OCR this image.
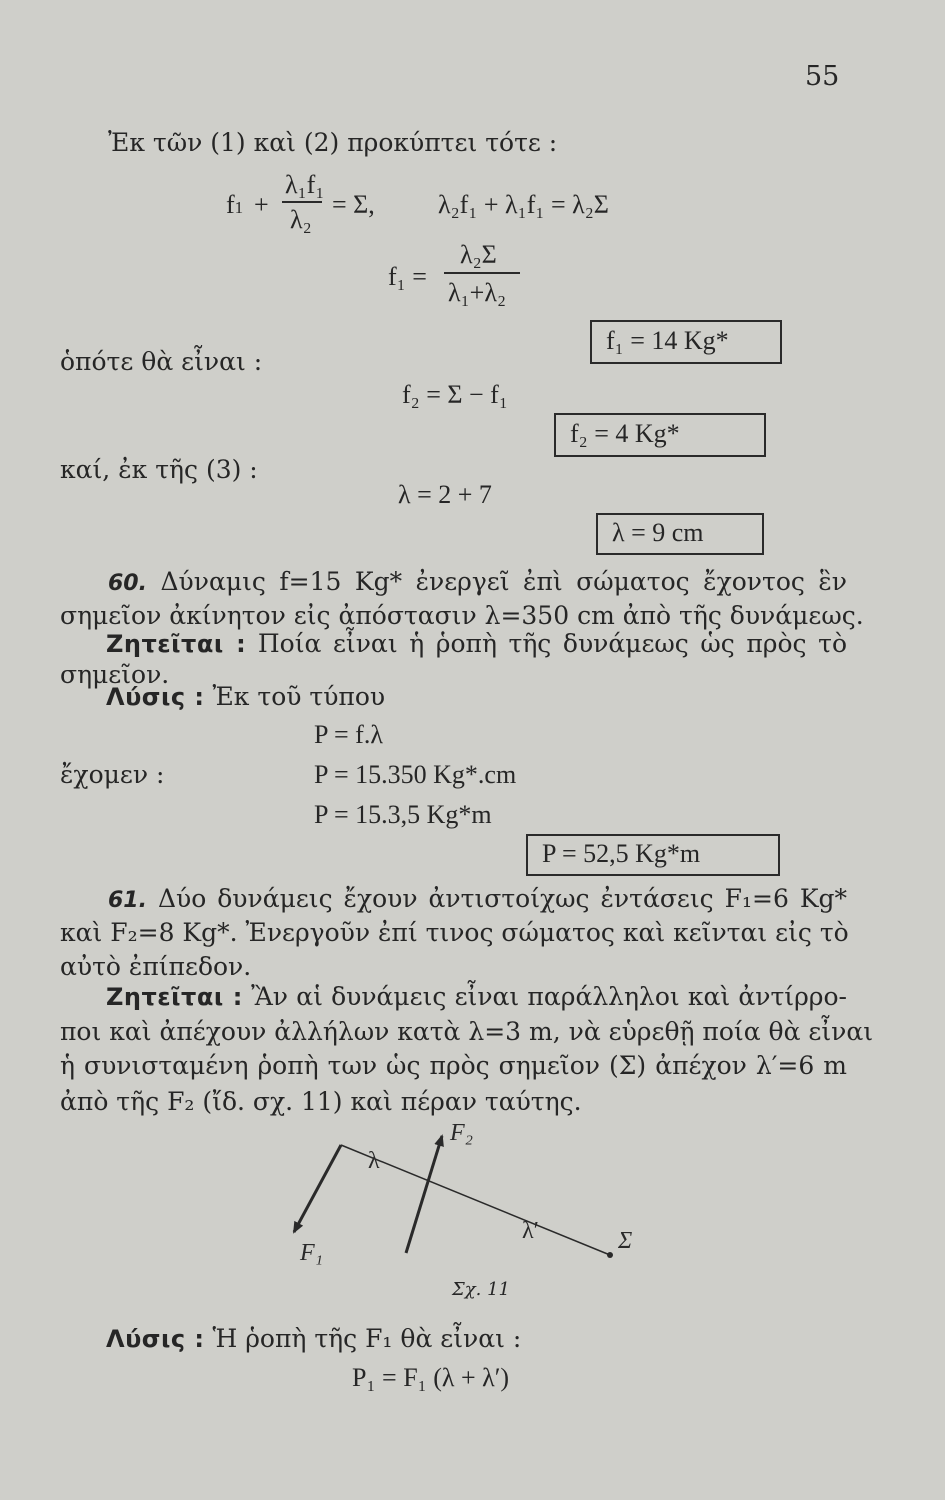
55
Ἐκ τῶν (1) καὶ (2) προκύπτει τότε :
f1 +
λ₁f₁
λ₂
= Σ, λ₂f₁ + λ₁f₁ = λ₂Σ
f₁ =
λ₂Σ
λ₁+λ₂
f₁ = 14 Kg*
ὁπότε θὰ εἶναι :
f₂ = Σ − f₁
f₂ = 4 Kg*
καί, ἐκ τῆς (3) :
λ = 2 + 7
λ = 9 cm
60. Δύναμις f=15 Kg* ἐνεργεῖ ἐπὶ σώματος ἔχοντος ἓν
σημεῖον ἀκίνητον εἰς ἀπόστασιν λ=350 cm ἀπὸ τῆς δυνάμεως.
Ζητεῖται : Ποία εἶναι ἡ ῥοπὴ τῆς δυνάμεως ὡς πρὸς τὸ
σημεῖον.
Λύσις : Ἐκ τοῦ τύπου
P = f.λ
ἔχομεν :	P = 15.350 Kg*.cm
P = 15.3,5 Kg*m
P = 52,5 Kg*m
61. Δύο δυνάμεις ἔχουν ἀντιστοίχως ἐντάσεις F₁=6 Kg*
καὶ F₂=8 Kg*. Ἐνεργοῦν ἐπί τινος σώματος καὶ κεῖνται εἰς τὸ
αὐτὸ ἐπίπεδον.
Ζητεῖται : Ἂν αἱ δυνάμεις εἶναι παράλληλοι καὶ ἀντίρρο-
ποι καὶ ἀπέχουν ἀλλήλων κατὰ λ=3 m, νὰ εὑρεθῇ ποία θὰ εἶναι
ἡ συνισταμένη ῥοπὴ των ὡς πρὸς σημεῖον (Σ) ἀπέχον λ′=6 m
ἀπὸ τῆς F₂ (ἴδ. σχ. 11) καὶ πέραν ταύτης.
F₁
F₂
λ
λ′	Σ
Σχ. 11
Λύσις : Ἡ ῥοπὴ τῆς F₁ θὰ εἶναι :
P₁ = F₁ (λ + λ′)
